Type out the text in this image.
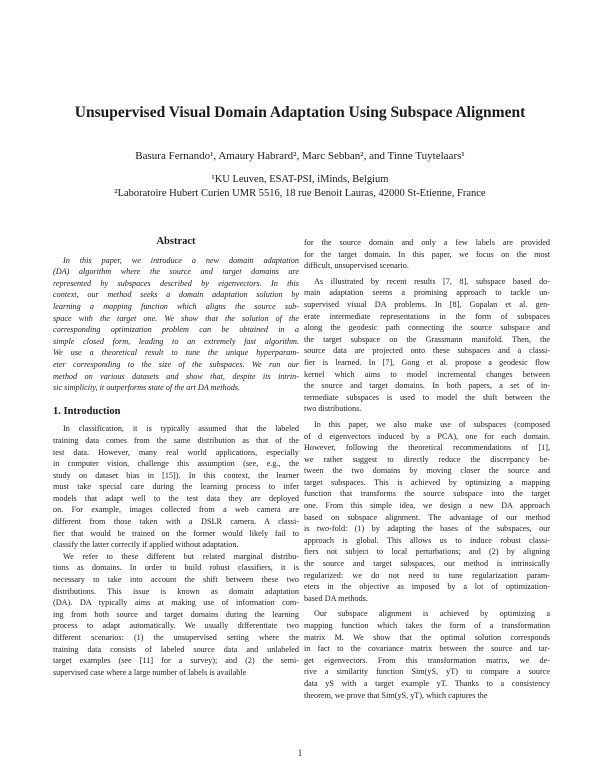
Unsupervised Visual Domain Adaptation Using Subspace Alignment
Basura Fernando¹, Amaury Habrard², Marc Sebban², and Tinne Tuytelaars¹
¹KU Leuven, ESAT-PSI, iMinds, Belgium
²Laboratoire Hubert Curien UMR 5516, 18 rue Benoit Lauras, 42000 St-Etienne, France
Abstract
In this paper, we introduce a new domain adaptation
(DA) algorithm where the source and target domains are
represented by subspaces described by eigenvectors. In this
context, our method seeks a domain adaptation solution by
learning a mapping function which aligns the source sub-
space with the target one. We show that the solution of the
corresponding optimization problem can be obtained in a
simple closed form, leading to an extremely fast algorithm.
We use a theoretical result to tune the unique hyperparam-
eter corresponding to the size of the subspaces. We run our
method on various datasets and show that, despite its intrin-
sic simplicity, it outperforms state of the art DA methods.
1. Introduction
In classification, it is typically assumed that the labeled
training data comes from the same distribution as that of the
test data. However, many real world applications, especially
in computer vision, challenge this assumption (see, e.g., the
study on dataset bias in [15]). In this context, the learner
must take special care during the learning process to infer
models that adapt well to the test data they are deployed
on. For example, images collected from a web camera are
different from those taken with a DSLR camera. A classi-
fier that would be trained on the former would likely fail to
classify the latter correctly if applied without adaptation.
We refer to these different but related marginal distribu-
tions as domains. In order to build robust classifiers, it is
necessary to take into account the shift between these two
distributions. This issue is known as domain adaptation
(DA). DA typically aims at making use of information com-
ing from both source and target domains during the learning
process to adapt automatically. We usually differentiate two
different scenarios: (1) the unsupervised setting where the
training data consists of labeled source data and unlabeled
target examples (see [11] for a survey); and (2) the semi-
supervised case where a large number of labels is available
for the source domain and only a few labels are provided
for the target domain. In this paper, we focus on the most
difficult, unsupervised scenario.
As illustrated by recent results [7, 8], subspace based do-
main adaptation seems a promising approach to tackle un-
supervised visual DA problems. In [8], Gopalan et al. gen-
erate intermediate representations in the form of subspaces
along the geodesic path connecting the source subspace and
the target subspace on the Grassmann manifold. Then, the
source data are projected onto these subspaces and a classi-
fier is learned. In [7], Gong et al. propose a geodesic flow
kernel which aims to model incremental changes between
the source and target domains. In both papers, a set of in-
termediate subspaces is used to model the shift between the
two distributions.
In this paper, we also make use of subspaces (composed
of d eigenvectors induced by a PCA), one for each domain.
However, following the theoretical recommendations of [1],
we rather suggest to directly reduce the discrepancy be-
tween the two domains by moving closer the source and
target subspaces. This is achieved by optimizing a mapping
function that transforms the source subspace into the target
one. From this simple idea, we design a new DA approach
based on subspace alignment. The advantage of our method
is two-fold: (1) by adapting the bases of the subspaces, our
approach is global. This allows us to induce robust classi-
fiers not subject to local perturbations; and (2) by aligning
the source and target subspaces, our method is intrinsically
regularized: we do not need to tune regularization param-
eters in the objective as imposed by a lot of optimization-
based DA methods.
Our subspace alignment is achieved by optimizing a
mapping function which takes the form of a transformation
matrix M. We show that the optimal solution corresponds
in fact to the covariance matrix between the source and tar-
get eigenvectors. From this transformation matrix, we de-
rive a similarity function Sim(yS, yT) to compare a source
data yS with a target example yT. Thanks to a consistency
theorem, we prove that Sim(yS, yT), which captures the
1
